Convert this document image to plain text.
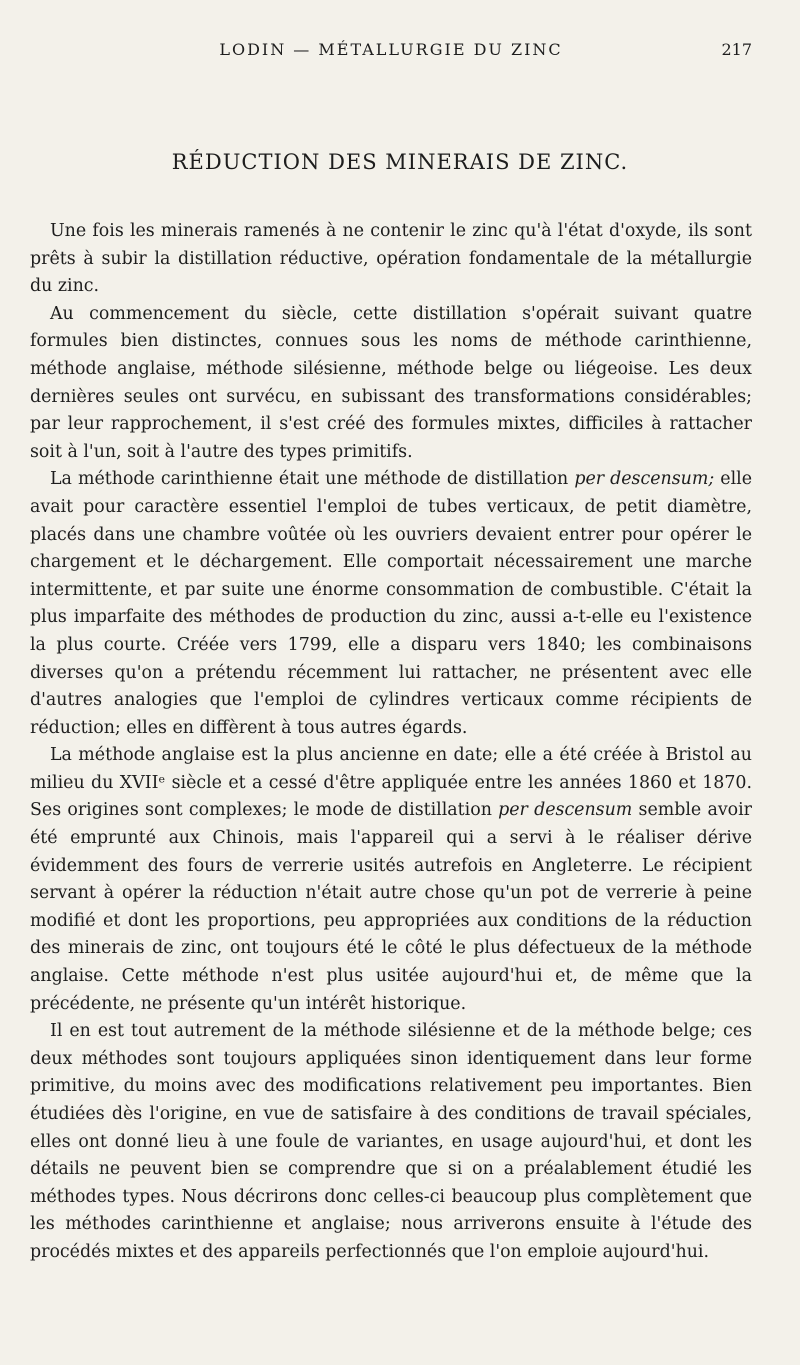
LODIN — MÉTALLURGIE DU ZINC	217
RÉDUCTION DES MINERAIS DE ZINC.

Une fois les minerais ramenés à ne contenir le zinc qu'à l'état d'oxyde, ils sont prêts à subir la distillation réductive, opération fondamentale de la métallurgie du zinc.

Au commencement du siècle, cette distillation s'opérait suivant quatre formules bien distinctes, connues sous les noms de méthode carinthienne, méthode anglaise, méthode silésienne, méthode belge ou liégeoise. Les deux dernières seules ont survécu, en subissant des transformations considérables; par leur rapprochement, il s'est créé des formules mixtes, difficiles à rattacher soit à l'un, soit à l'autre des types primitifs.

La méthode carinthienne était une méthode de distillation per descensum; elle avait pour caractère essentiel l'emploi de tubes verticaux, de petit diamètre, placés dans une chambre voûtée où les ouvriers devaient entrer pour opérer le chargement et le déchargement. Elle comportait nécessairement une marche intermittente, et par suite une énorme consommation de combustible. C'était la plus imparfaite des méthodes de production du zinc, aussi a-t-elle eu l'existence la plus courte. Créée vers 1799, elle a disparu vers 1840; les combinaisons diverses qu'on a prétendu récemment lui rattacher, ne présentent avec elle d'autres analogies que l'emploi de cylindres verticaux comme récipients de réduction; elles en diffèrent à tous autres égards.

La méthode anglaise est la plus ancienne en date; elle a été créée à Bristol au milieu du XVIIᵉ siècle et a cessé d'être appliquée entre les années 1860 et 1870. Ses origines sont complexes; le mode de distillation per descensum semble avoir été emprunté aux Chinois, mais l'appareil qui a servi à le réaliser dérive évidemment des fours de verrerie usités autrefois en Angleterre. Le récipient servant à opérer la réduction n'était autre chose qu'un pot de verrerie à peine modifié et dont les proportions, peu appropriées aux conditions de la réduction des minerais de zinc, ont toujours été le côté le plus défectueux de la méthode anglaise. Cette méthode n'est plus usitée aujourd'hui et, de même que la précédente, ne présente qu'un intérêt historique.

Il en est tout autrement de la méthode silésienne et de la méthode belge; ces deux méthodes sont toujours appliquées sinon identiquement dans leur forme primitive, du moins avec des modifications relativement peu importantes. Bien étudiées dès l'origine, en vue de satisfaire à des conditions de travail spéciales, elles ont donné lieu à une foule de variantes, en usage aujourd'hui, et dont les détails ne peuvent bien se comprendre que si on a préalablement étudié les méthodes types. Nous décrirons donc celles-ci beaucoup plus complètement que les méthodes carinthienne et anglaise; nous arriverons ensuite à l'étude des procédés mixtes et des appareils perfectionnés que l'on emploie aujourd'hui.
